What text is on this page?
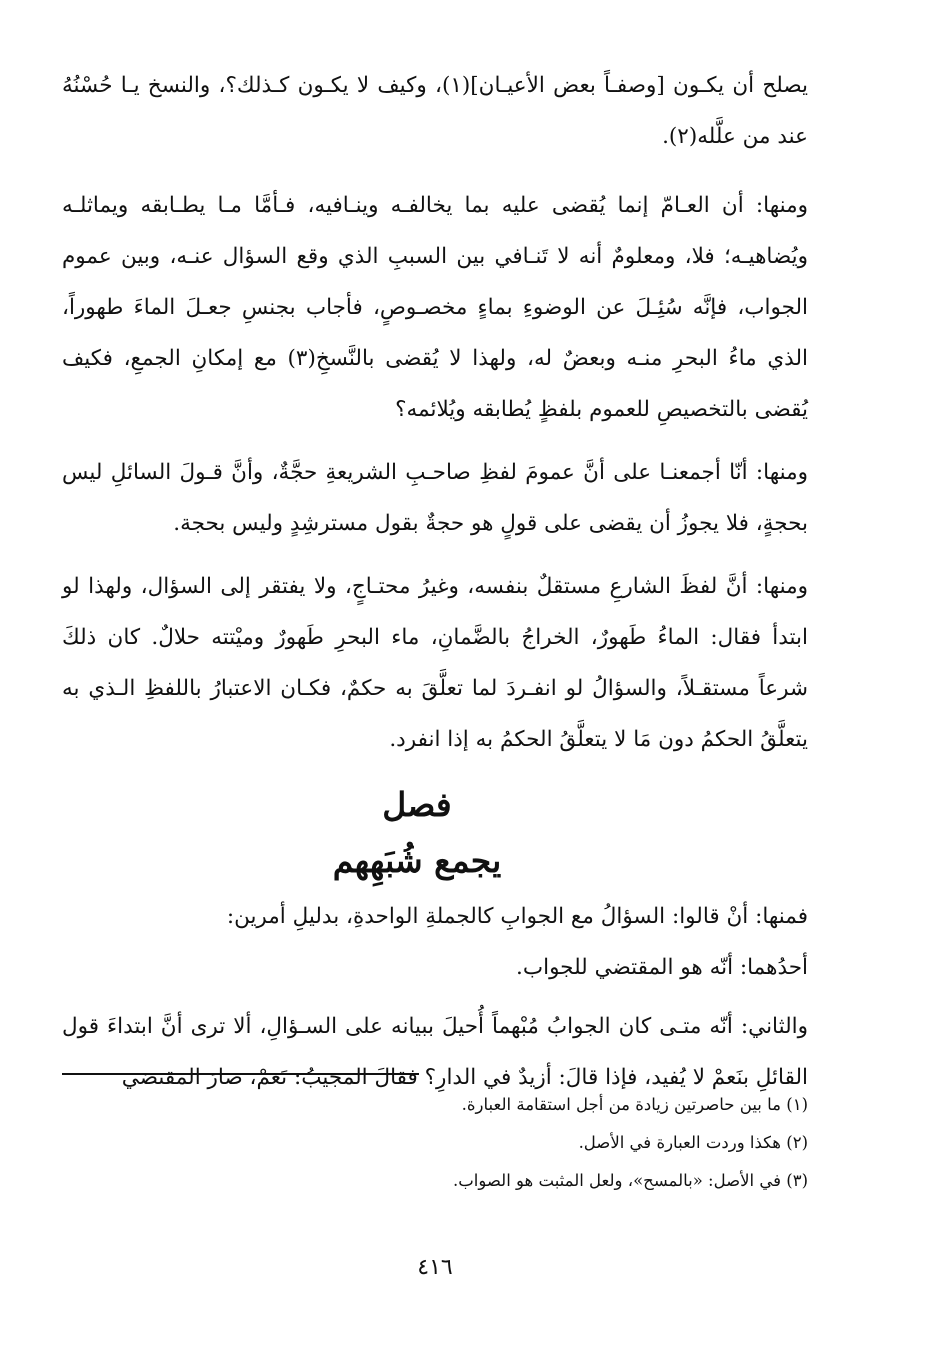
يصلح أن يكـون [وصفـاً بعض الأعيـان](١)، وكيف لا يكـون كـذلك؟، والنسخ يـا حُسْنُهُ عند من علَّله(٢).

ومنها: أن العـامّ إنما يُقضى عليه بما يخالفـه وينـافيه، فـأمَّا مـا يطـابقه ويماثلـه ويُضاهيـه؛ فلا، ومعلومٌ أنه لا تَنـافي بين السببِ الذي وقع السؤال عنـه، وبين عموم الجواب، فإنَّه سُئِـلَ عن الوضوءِ بماءٍ مخصـوصٍ، فأجاب بجنسِ جعـلَ الماءَ طهوراً، الذي ماءُ البحرِ منـه وبعضٌ له، ولهذا لا يُقضى بالنَّسخِ(٣) مع إمكانِ الجمعِ، فكيف يُقضى بالتخصيصِ للعموم بلفظٍ يُطابقه ويُلائمه؟

ومنها: أنّا أجمعنـا على أنَّ عمومَ لفظِ صاحـبِ الشريعةِ حجَّةٌ، وأنَّ قـولَ السائلِ ليس بحجةٍ، فلا يجوزُ أن يقضى على قولٍ هو حجةٌ بقول مسترشِدٍ وليس بحجة.

ومنها: أنَّ لفظَ الشارعِ مستقلٌ بنفسه، وغيرُ محتـاجٍ، ولا يفتقر إلى السؤال، ولهذا لو ابتدأ فقال: الماءُ طَهورٌ، الخراجُ بالضَّمانِ، ماء البحرِ طَهورٌ وميْتته حلالٌ. كان ذلكَ شرعاً مستقـلاً، والسؤالُ لو انفـردَ لما تعلَّقَ به حكمٌ، فكـان الاعتبارُ باللفظِ الـذي به يتعلَّقُ الحكمُ دون مَا لا يتعلَّقُ الحكمُ به إذا انفرد.

فصل
يجمع شُبَهِهم

فمنها: أنْ قالوا: السؤالُ مع الجوابِ كالجملةِ الواحدةِ، بدليلِ أمرين:

أحدُهما: أنّه هو المقتضي للجواب.

والثاني: أنّه متـى كان الجوابُ مُبْهماً أُحيلَ ببيانه على السـؤالِ، ألا ترى أنَّ ابتداءَ قول القائلِ بنَعمْ لا يُفيد، فإذا قالَ: أزيدٌ في الدارِ؟ فقالَ المجيبُ: نَعمْ، صارَ المقتضي

(١) ما بين حاصرتين زيادة من أجل استقامة العبارة.

(٢) هكذا وردت العبارة في الأصل.

(٣) في الأصل: «بالمسح»، ولعل المثبت هو الصواب.

٤١٦
